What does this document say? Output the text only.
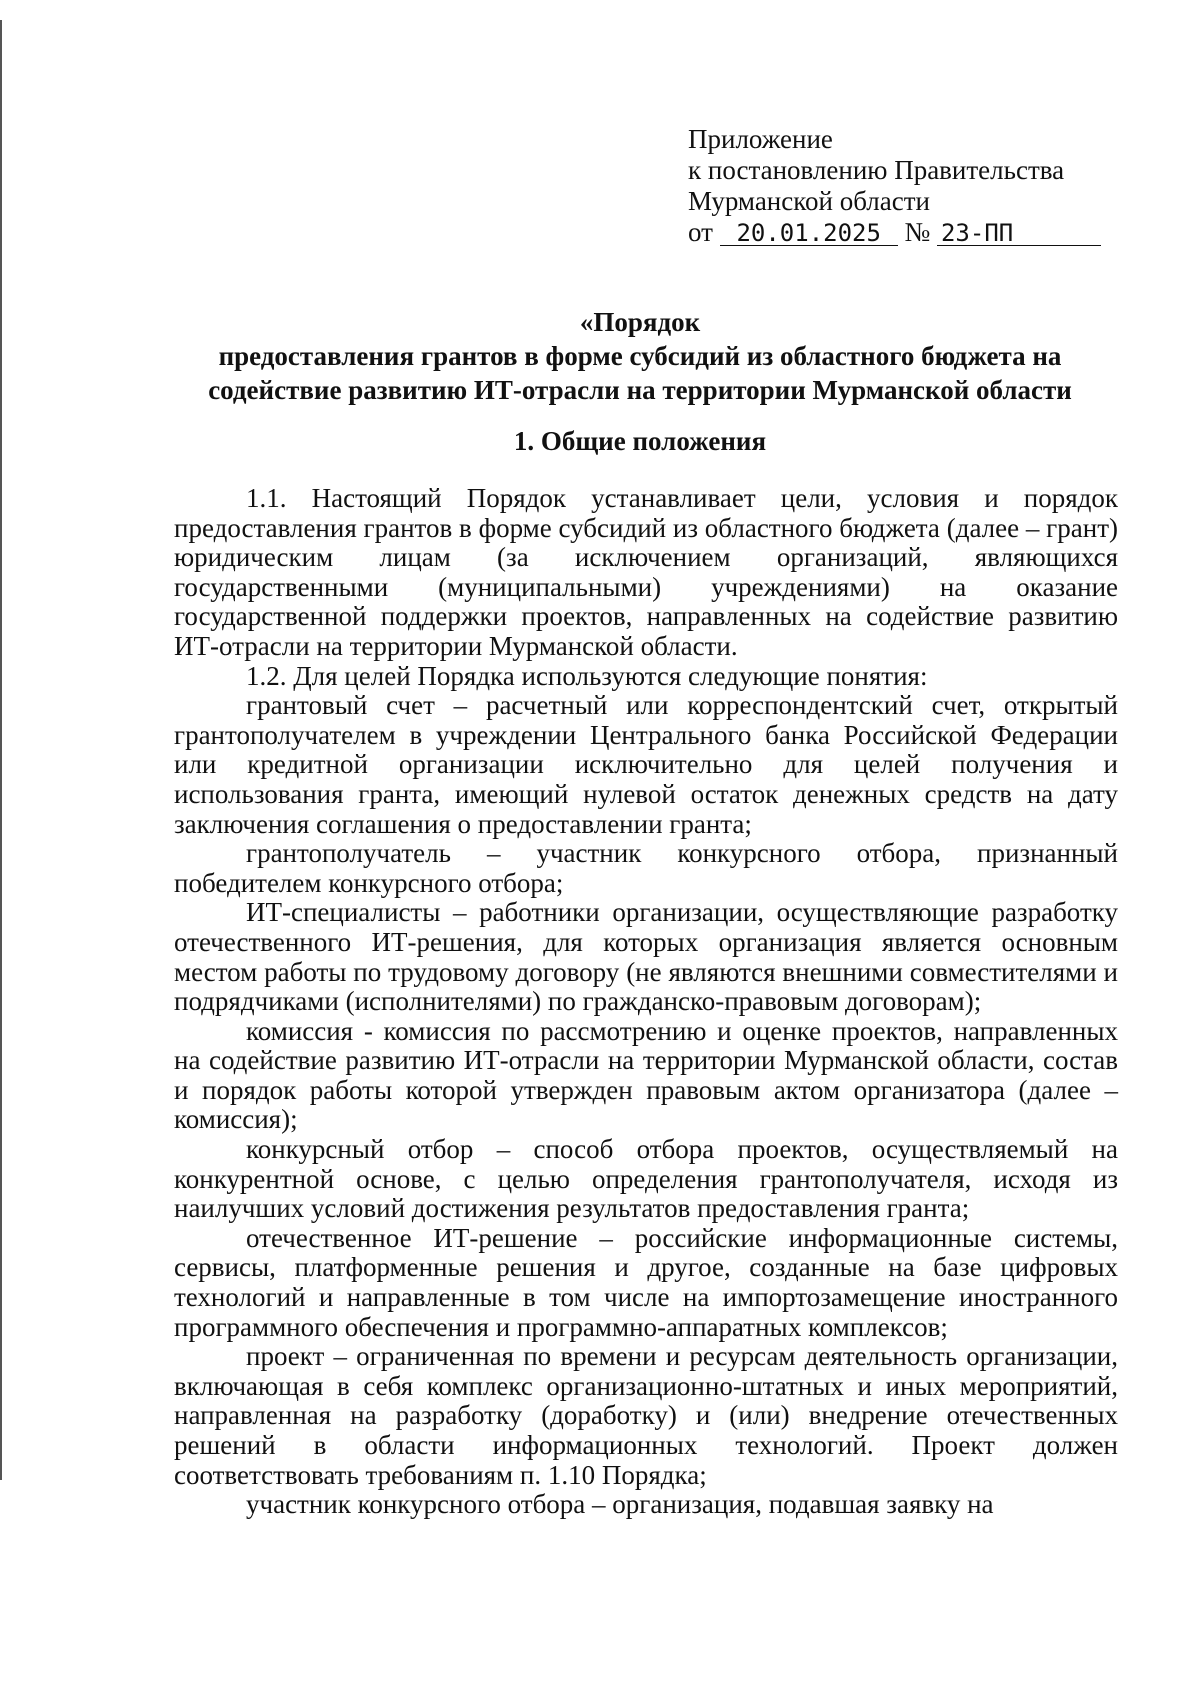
Приложение
к постановлению Правительства
Мурманской области
от 20.01.2025 № 23-ПП
«Порядок
предоставления грантов в форме субсидий из областного бюджета на
содействие развитию ИТ-отрасли на территории Мурманской области
1. Общие положения

1.1. Настоящий Порядок устанавливает цели, условия и порядок предоставления грантов в форме субсидий из областного бюджета (далее – грант) юридическим лицам (за исключением организаций, являющихся государственными (муниципальными) учреждениями) на оказание государственной поддержки проектов, направленных на содействие развитию ИТ-отрасли на территории Мурманской области.

1.2. Для целей Порядка используются следующие понятия:

грантовый счет – расчетный или корреспондентский счет, открытый грантополучателем в учреждении Центрального банка Российской Федерации или кредитной организации исключительно для целей получения и использования гранта, имеющий нулевой остаток денежных средств на дату заключения соглашения о предоставлении гранта;

грантополучатель – участник конкурсного отбора, признанный победителем конкурсного отбора;

ИТ-специалисты – работники организации, осуществляющие разработку отечественного ИТ-решения, для которых организация является основным местом работы по трудовому договору (не являются внешними совместителями и подрядчиками (исполнителями) по гражданско-правовым договорам);

комиссия - комиссия по рассмотрению и оценке проектов, направленных на содействие развитию ИТ-отрасли на территории Мурманской области, состав и порядок работы которой утвержден правовым актом организатора (далее – комиссия);

конкурсный отбор – способ отбора проектов, осуществляемый на конкурентной основе, с целью определения грантополучателя, исходя из наилучших условий достижения результатов предоставления гранта;

отечественное ИТ-решение – российские информационные системы, сервисы, платформенные решения и другое, созданные на базе цифровых технологий и направленные в том числе на импортозамещение иностранного программного обеспечения и программно-аппаратных комплексов;

проект – ограниченная по времени и ресурсам деятельность организации, включающая в себя комплекс организационно-штатных и иных мероприятий, направленная на разработку (доработку) и (или) внедрение отечественных решений в области информационных технологий. Проект должен соответствовать требованиям п. 1.10 Порядка;

участник конкурсного отбора – организация, подавшая заявку на
